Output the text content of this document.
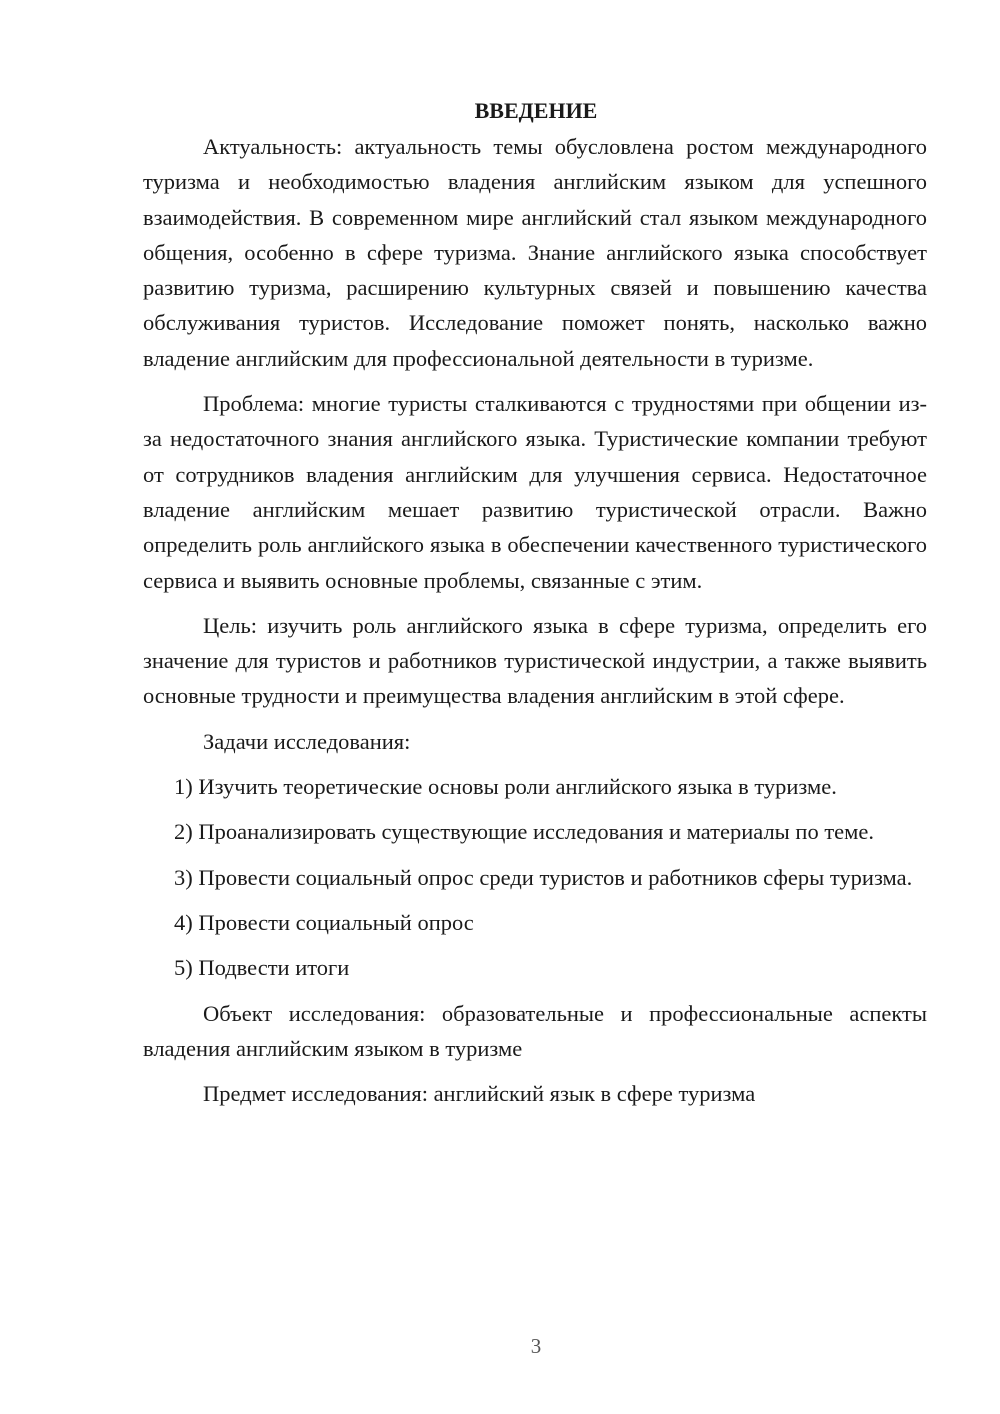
ВВЕДЕНИЕ

Актуальность: актуальность темы обусловлена ростом международного туризма и необходимостью владения английским языком для успешного взаимодействия. В современном мире английский стал языком международного общения, особенно в сфере туризма. Знание английского языка способствует развитию туризма, расширению культурных связей и повышению качества обслуживания туристов. Исследование поможет понять, насколько важно владение английским для профессиональной деятельности в туризме.

Проблема: многие туристы сталкиваются с трудностями при общении из-за недостаточного знания английского языка. Туристические компании требуют от сотрудников владения английским для улучшения сервиса. Недостаточное владение английским мешает развитию туристической отрасли. Важно определить роль английского языка в обеспечении качественного туристического сервиса и выявить основные проблемы, связанные с этим.

Цель: изучить роль английского языка в сфере туризма, определить его значение для туристов и работников туристической индустрии, а также выявить основные трудности и преимущества владения английским в этой сфере.

Задачи исследования:

1) Изучить теоретические основы роли английского языка в туризме.

2) Проанализировать существующие исследования и материалы по теме.

3) Провести социальный опрос среди туристов и работников сферы туризма.

4) Провести социальный опрос

5) Подвести итоги

Объект исследования: образовательные и профессиональные аспекты владения английским языком в туризме

Предмет исследования: английский язык в сфере туризма

3
